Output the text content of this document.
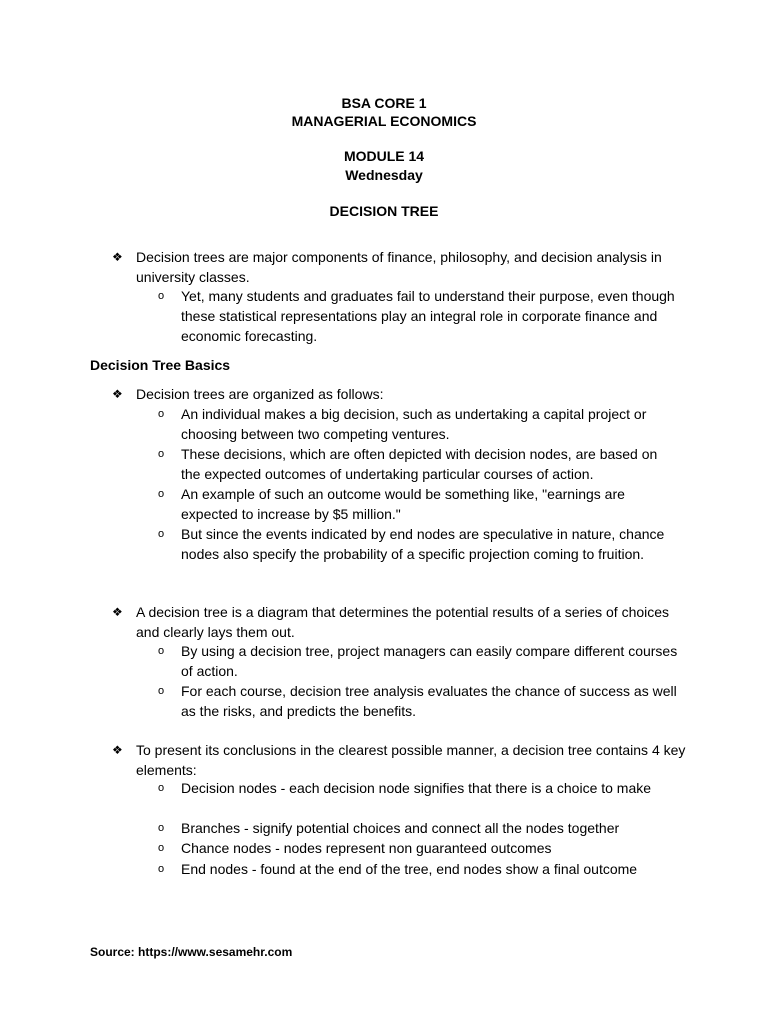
BSA CORE 1
MANAGERIAL ECONOMICS
MODULE 14
Wednesday
DECISION TREE
❖ Decision trees are major components of finance, philosophy, and decision analysis in university classes.
o	Yet, many students and graduates fail to understand their purpose, even though these statistical representations play an integral role in corporate finance and economic forecasting.
Decision Tree Basics
❖ Decision trees are organized as follows:
o	An individual makes a big decision, such as undertaking a capital project or choosing between two competing ventures.
o	These decisions, which are often depicted with decision nodes, are based on the expected outcomes of undertaking particular courses of action.
o	An example of such an outcome would be something like, "earnings are expected to increase by $5 million."
o	But since the events indicated by end nodes are speculative in nature, chance nodes also specify the probability of a specific projection coming to fruition.
❖ A decision tree is a diagram that determines the potential results of a series of choices and clearly lays them out.
o	By using a decision tree, project managers can easily compare different courses of action.
o	For each course, decision tree analysis evaluates the chance of success as well as the risks, and predicts the benefits.
❖ To present its conclusions in the clearest possible manner, a decision tree contains 4 key elements:
o	Decision nodes - each decision node signifies that there is a choice to make
o	Branches - signify potential choices and connect all the nodes together
o	Chance nodes - nodes represent non guaranteed outcomes
o	End nodes - found at the end of the tree, end nodes show a final outcome
Source: https://www.sesamehr.com
